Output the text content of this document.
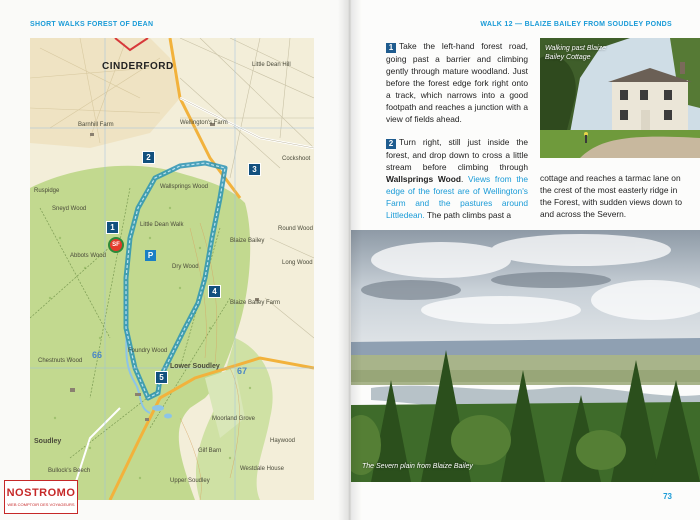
SHORT WALKS FOREST OF DEAN
CINDERFORD	Little Dean Hill
Wellington's Farm
Barnhill Farm
Wallsprings Wood
Ruspidge
Sneyd Wood
Abbots Wood
Little Dean Walk
Dry Wood
Blaize Bailey
Blaize Bailey Farm
Foundry Wood
Lower Soudley
Soudley
Bullock's Beech
Haywood
Chestnuts Wood
Round Wood
Long Wood
Moorland Grove
Gilf Barn
Westdale House
Cockshoot
Upper Soudley
2
3
1
4
5
SF
P
66
67
WALK 12 — BLAIZE BAILEY FROM SOUDLEY PONDS
1 Take the left-hand forest road, going past a barrier and climbing gently through mature woodland. Just before the forest edge fork right onto a track, which narrows into a good footpath and reaches a junction with a view of fields ahead.
2 Turn right, still just inside the forest, and drop down to cross a little stream before climbing through Wallsprings Wood. Views from the edge of the forest are of Wellington's Farm and the pastures around Littledean. The path climbs past a
cottage and reaches a tarmac lane on the crest of the most easterly ridge in the Forest, with sudden views down to and across the Severn.
Walking past Blaize Bailey Cottage
The Severn plain from Blaize Bailey
73
NOSTROMO
WEB COMPTOIR DES VOYAGEURS
